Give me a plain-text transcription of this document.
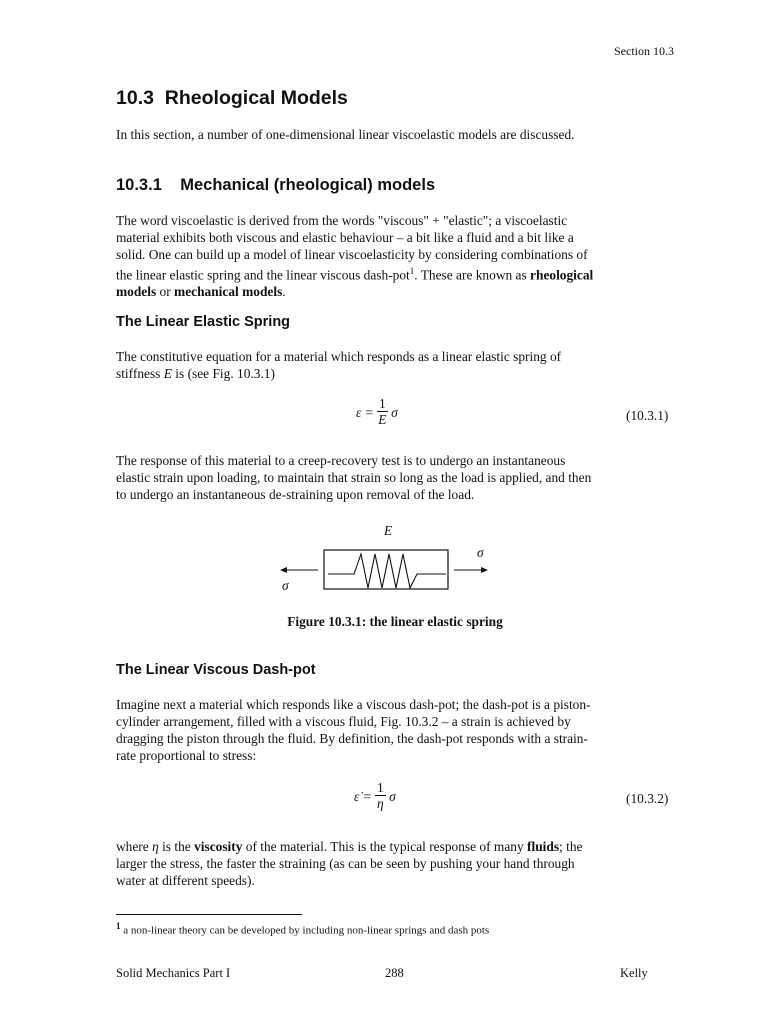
Section 10.3
10.3 Rheological Models
In this section, a number of one-dimensional linear viscoelastic models are discussed.
10.3.1 Mechanical (rheological) models

The word viscoelastic is derived from the words "viscous" + "elastic"; a viscoelastic

material exhibits both viscous and elastic behaviour – a bit like a fluid and a bit like a

solid. One can build up a model of linear viscoelasticity by considering combinations of

the linear elastic spring and the linear viscous dash-pot$^1$. These are known as rheological

models or mechanical models.

The Linear Elastic Spring

The constitutive equation for a material which responds as a linear elastic spring of

stiffness E is (see Fig. 10.3.1)

$\varepsilon = \frac{1}{E}$ σ	(10.3.1)

The response of this material to a creep-recovery test is to undergo an instantaneous

elastic strain upon loading, to maintain that strain so long as the load is applied, and then

to undergo an instantaneous de-straining upon removal of the load.

E
σ
σ
Figure 10.3.1: the linear elastic spring
The Linear Viscous Dash-pot

Imagine next a material which responds like a viscous dash-pot; the dash-pot is a piston-

cylinder arrangement, filled with a viscous fluid, Fig. 10.3.2 – a strain is achieved by

dragging the piston through the fluid. By definition, the dash-pot responds with a strain-

rate proportional to stress:

ε̇ = $\frac{1}{\eta}$ σ	(10.3.2)

where η is the viscosity of the material. This is the typical response of many fluids; the

larger the stress, the faster the straining (as can be seen by pushing your hand through

water at different speeds).

$^1$ a non-linear theory can be developed by including non-linear springs and dash pots
Solid Mechanics Part I	288	Kelly
